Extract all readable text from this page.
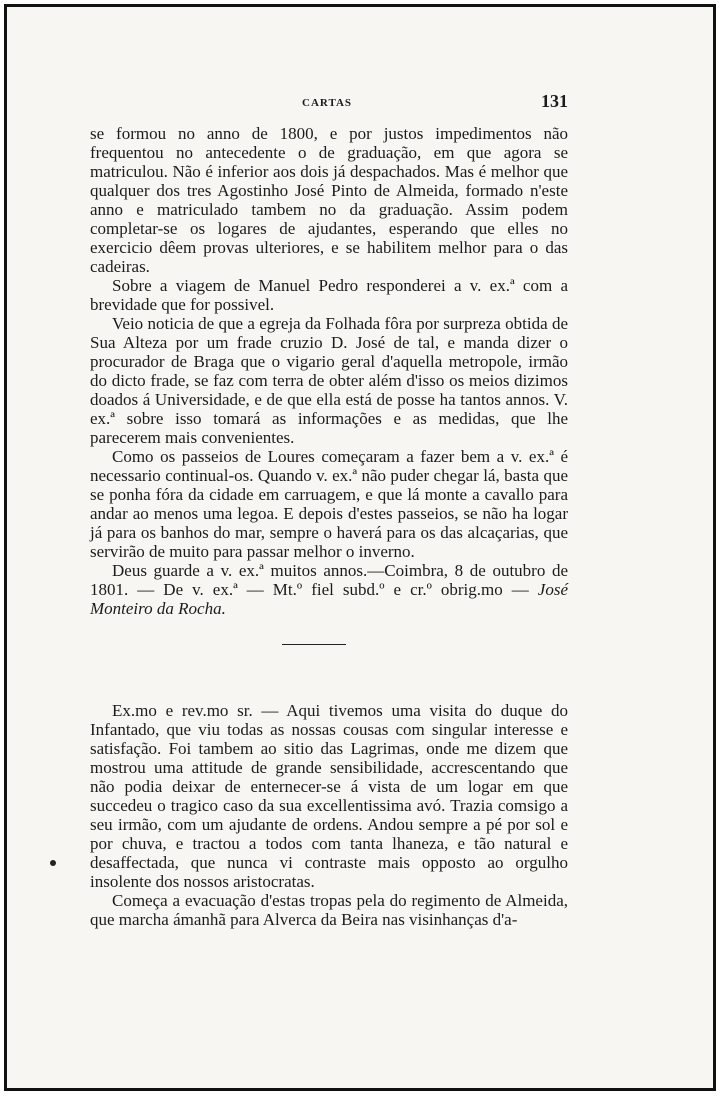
CARTAS	131

se formou no anno de 1800, e por justos impedimentos não frequentou no antecedente o de graduação, em que agora se matriculou. Não é inferior aos dois já despachados. Mas é melhor que qualquer dos tres Agostinho José Pinto de Almeida, formado n'este anno e matriculado tambem no da graduação. Assim podem completar-se os logares de ajudantes, esperando que elles no exercicio dêem provas ulteriores, e se habilitem melhor para o das cadeiras.

Sobre a viagem de Manuel Pedro responderei a v. ex.ª com a brevidade que for possivel.

Veio noticia de que a egreja da Folhada fôra por surpreza obtida de Sua Alteza por um frade cruzio D. José de tal, e manda dizer o procurador de Braga que o vigario geral d'aquella metropole, irmão do dicto frade, se faz com terra de obter além d'isso os meios dizimos doados á Universidade, e de que ella está de posse ha tantos annos. V. ex.ª sobre isso tomará as informações e as medidas, que lhe parecerem mais convenientes.

Como os passeios de Loures começaram a fazer bem a v. ex.ª é necessario continual-os. Quando v. ex.ª não puder chegar lá, basta que se ponha fóra da cidade em carruagem, e que lá monte a cavallo para andar ao menos uma legoa. E depois d'estes passeios, se não ha logar já para os banhos do mar, sempre o haverá para os das alcaçarias, que servirão de muito para passar melhor o inverno.

Deus guarde a v. ex.ª muitos annos.—Coimbra, 8 de outubro de 1801. — De v. ex.ª — Mt.º fiel subd.º e cr.º obrig.mo — José Monteiro da Rocha.

Ex.mo e rev.mo sr. — Aqui tivemos uma visita do duque do Infantado, que viu todas as nossas cousas com singular interesse e satisfação. Foi tambem ao sitio das Lagrimas, onde me dizem que mostrou uma attitude de grande sensibilidade, accrescentando que não podia deixar de enternecer-se á vista de um logar em que succedeu o tragico caso da sua excellentissima avó. Trazia comsigo a seu irmão, com um ajudante de ordens. Andou sempre a pé por sol e por chuva, e tractou a todos com tanta lhaneza, e tão natural e desaffectada, que nunca vi contraste mais opposto ao orgulho insolente dos nossos aristocratas.

Começa a evacuação d'estas tropas pela do regimento de Almeida, que marcha ámanhã para Alverca da Beira nas visinhanças d'a-
